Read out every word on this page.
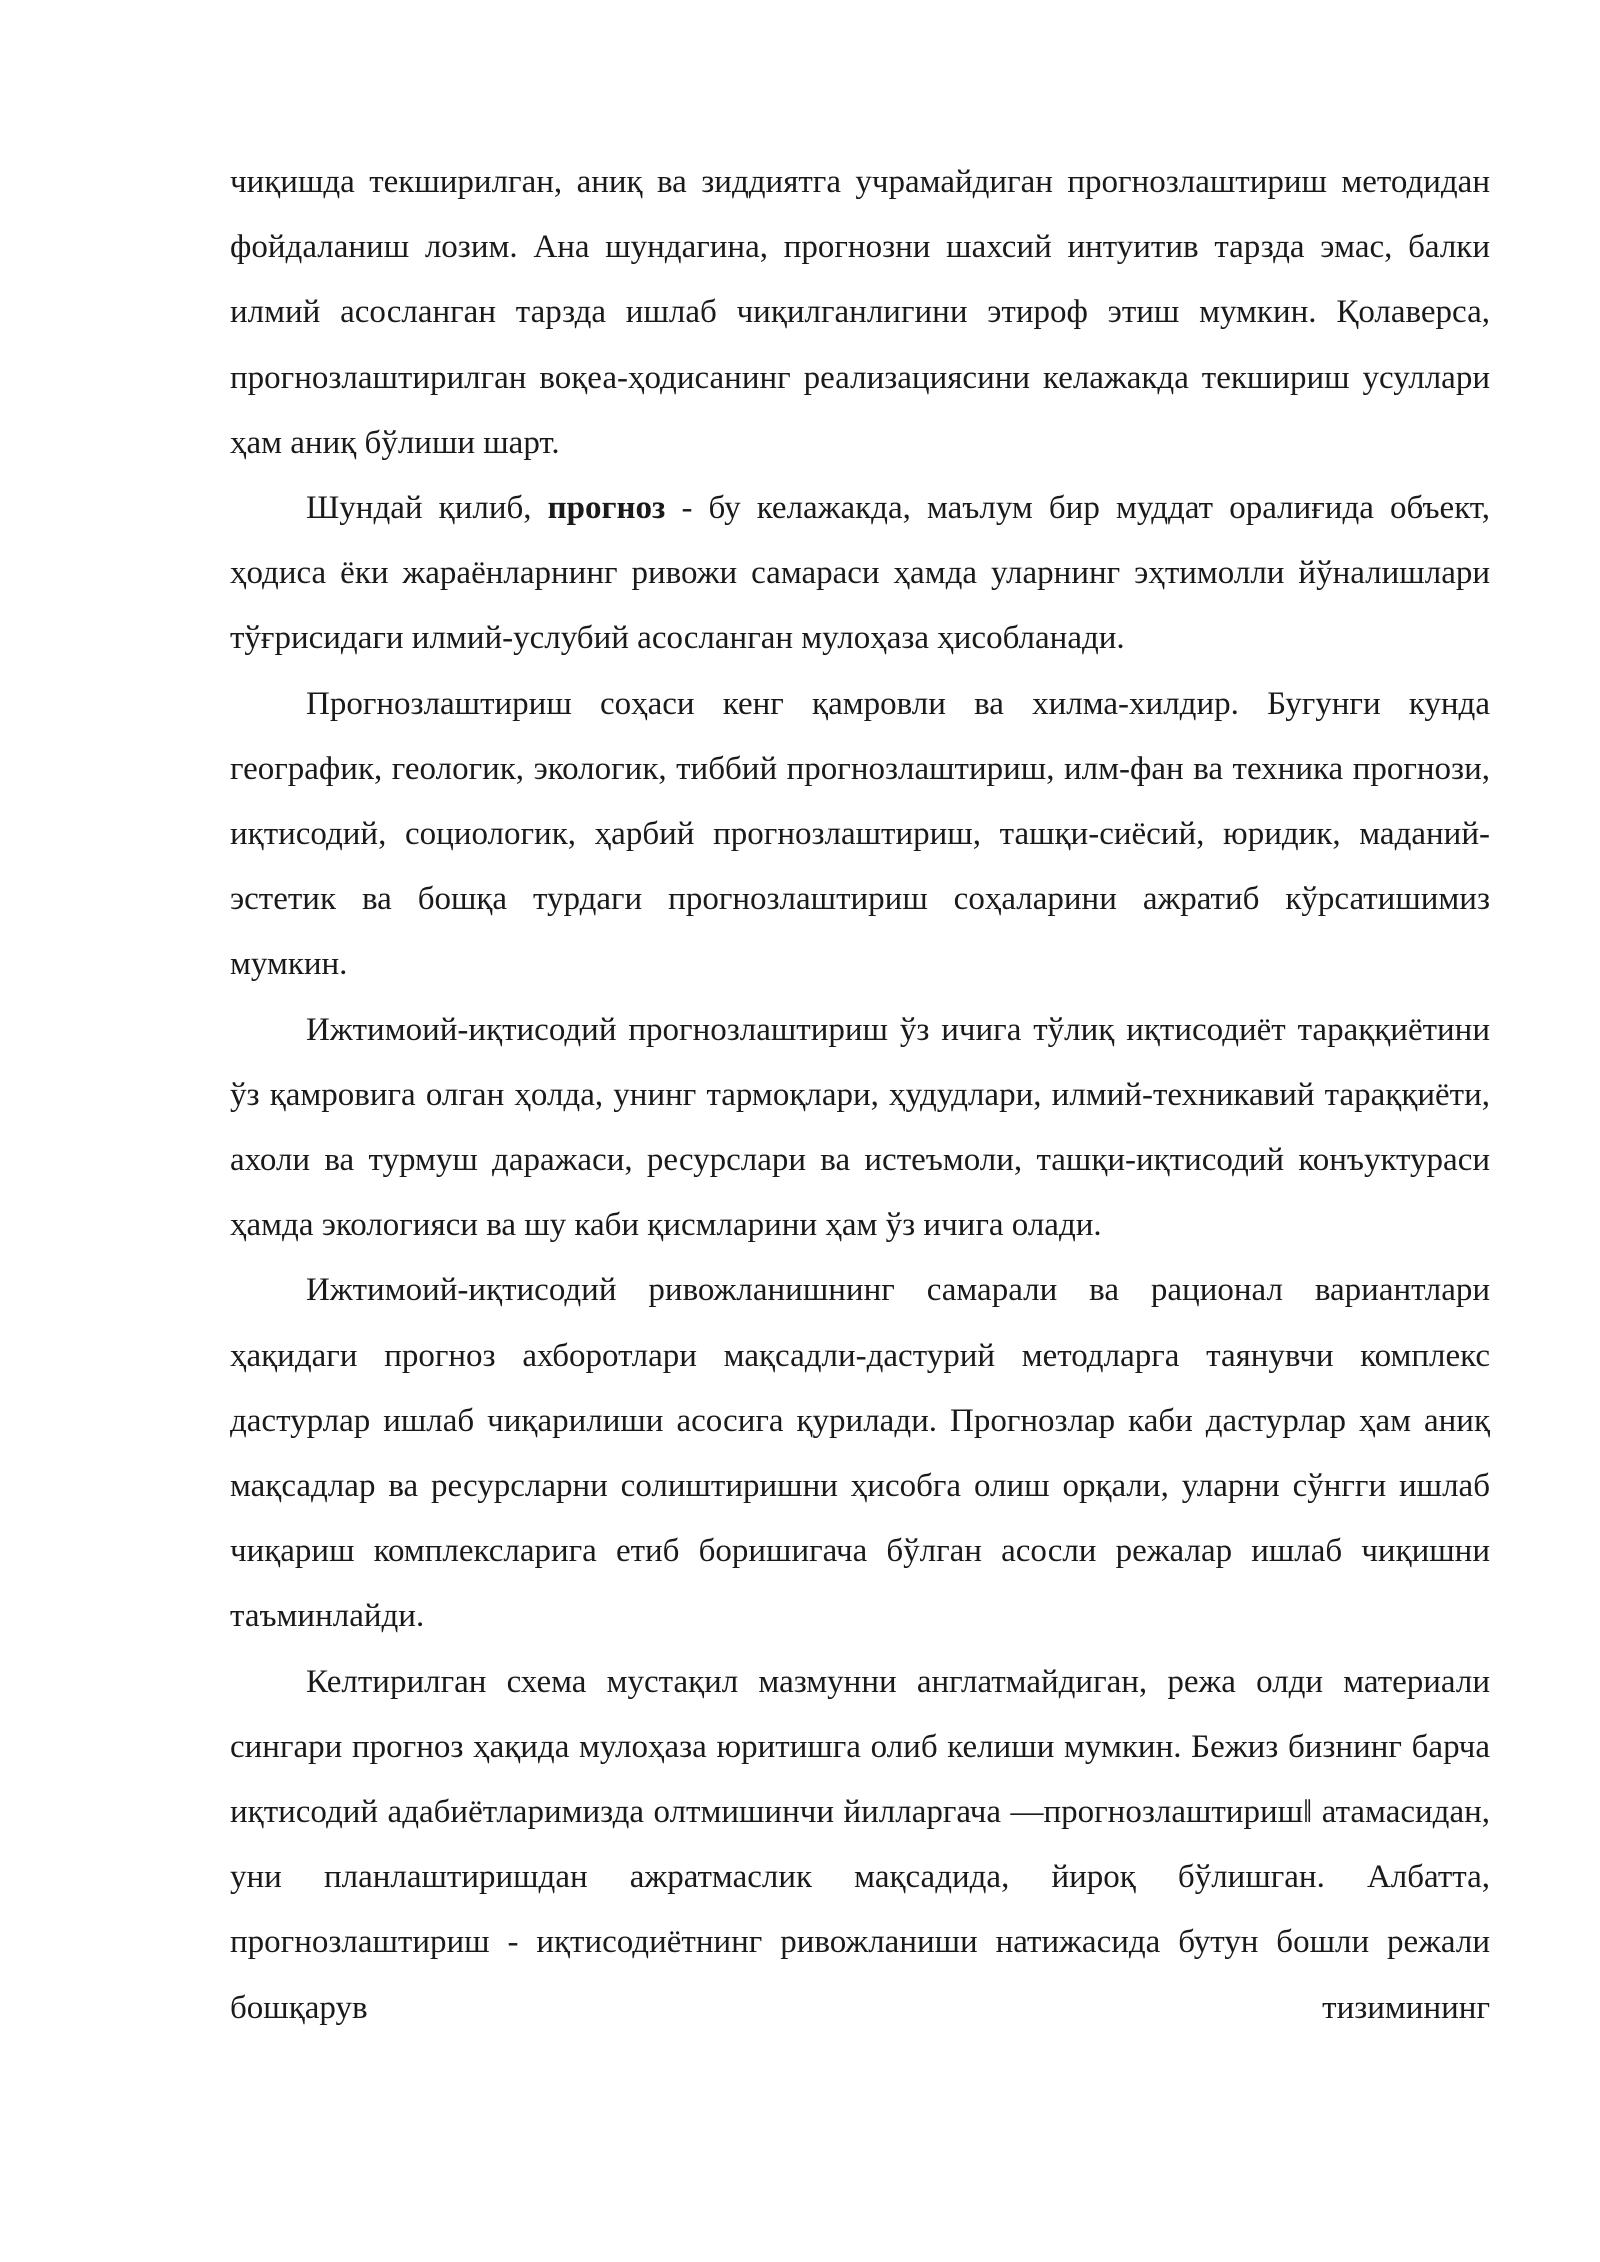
чиқишда текширилган, аниқ ва зиддиятга учрамайдиган прогнозлаштириш методидан фойдаланиш лозим. Ана шундагина, прогнозни шахсий интуитив тарзда эмас, балки илмий асосланган тарзда ишлаб чиқилганлигини этироф этиш мумкин. Қолаверса, прогнозлаштирилган воқеа-ҳодисанинг реализациясини келажакда текшириш усуллари ҳам аниқ бўлиши шарт.

Шундай қилиб, прогноз - бу келажакда, маълум бир муддат оралиғида объект, ҳодиса ёки жараёнларнинг ривожи самараси ҳамда уларнинг эҳтимолли йўналишлари тўғрисидаги илмий-услубий асосланган мулоҳаза ҳисобланади.

Прогнозлаштириш соҳаси кенг қамровли ва хилма-хилдир. Бугунги кунда географик, геологик, экологик, тиббий прогнозлаштириш, илм-фан ва техника прогнози, иқтисодий, социологик, ҳарбий прогнозлаштириш, ташқи-сиёсий, юридик, маданий-эстетик ва бошқа турдаги прогнозлаштириш соҳаларини ажратиб кўрсатишимиз мумкин.

Ижтимоий-иқтисодий прогнозлаштириш ўз ичига тўлиқ иқтисодиёт тараққиётини ўз қамровига олган ҳолда, унинг тармоқлари, ҳудудлари, илмий-техникавий тараққиёти, ахоли ва турмуш даражаси, ресурслари ва истеъмоли, ташқи-иқтисодий конъуктураси ҳамда экологияси ва шу каби қисмларини ҳам ўз ичига олади.

Ижтимоий-иқтисодий ривожланишнинг самарали ва рационал вариантлари ҳақидаги прогноз ахборотлари мақсадли-дастурий методларга таянувчи комплекс дастурлар ишлаб чиқарилиши асосига қурилади. Прогнозлар каби дастурлар ҳам аниқ мақсадлар ва ресурсларни солиштиришни ҳисобга олиш орқали, уларни сўнгги ишлаб чиқариш комплексларига етиб боришигача бўлган асосли режалар ишлаб чиқишни таъминлайди.

Келтирилган схема мустақил мазмунни англатмайдиган, режа олди материали сингари прогноз ҳақида мулоҳаза юритишга олиб келиши мумкин. Бежиз бизнинг барча иқтисодий адабиётларимизда олтмишинчи йилларгача ―прогнозлаштириш‖ атамасидан, уни планлаштиришдан ажратмаслик мақсадида, йироқ бўлишган. Албатта, прогнозлаштириш - иқтисодиётнинг ривожланиши натижасида бутун бошли режали бошқарув тизимининг
